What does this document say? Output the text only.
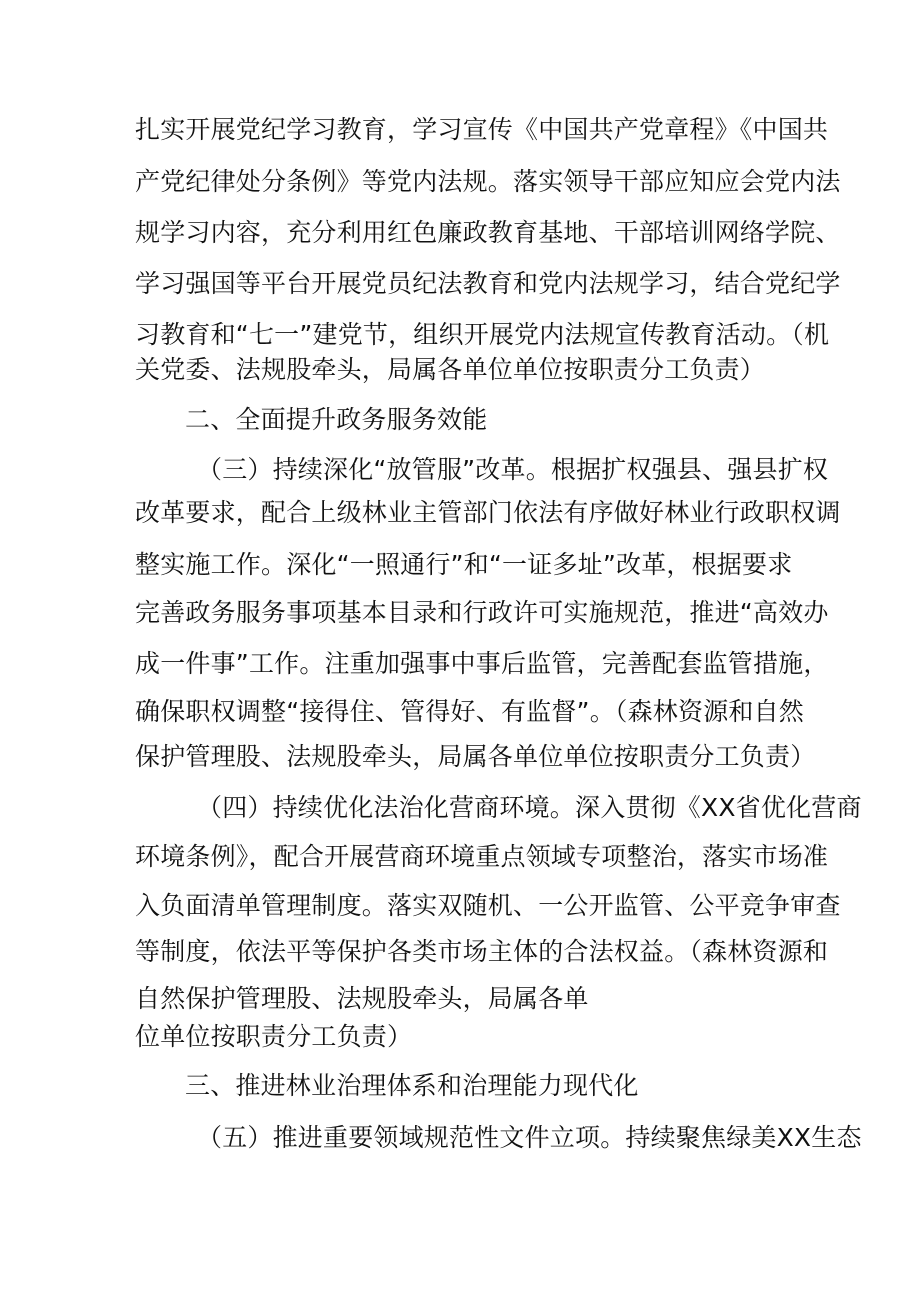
扎实开展党纪学习教育，学习宣传《中国共产党章程》《中国共
产党纪律处分条例》等党内法规。落实领导干部应知应会党内法
规学习内容，充分利用红色廉政教育基地、干部培训网络学院、
学习强国等平台开展党员纪法教育和党内法规学习，结合党纪学
习教育和“七一”建党节，组织开展党内法规宣传教育活动。（机
关党委、法规股牵头，局属各单位单位按职责分工负责）
二、全面提升政务服务效能
（三）持续深化“放管服”改革。根据扩权强县、强县扩权
改革要求，配合上级林业主管部门依法有序做好林业行政职权调
整实施工作。深化“一照通行”和“一证多址”改革，根据要求
完善政务服务事项基本目录和行政许可实施规范，推进“高效办
成一件事”工作。注重加强事中事后监管，完善配套监管措施，
确保职权调整“接得住、管得好、有监督”。（森林资源和自然
保护管理股、法规股牵头，局属各单位单位按职责分工负责）
（四）持续优化法治化营商环境。深入贯彻《XX省优化营商
环境条例》，配合开展营商环境重点领域专项整治，落实市场准
入负面清单管理制度。落实双随机、一公开监管、公平竞争审查
等制度，依法平等保护各类市场主体的合法权益。（森林资源和
自然保护管理股、法规股牵头，局属各单
位单位按职责分工负责）
三、推进林业治理体系和治理能力现代化
（五）推进重要领域规范性文件立项。持续聚焦绿美XX生态
